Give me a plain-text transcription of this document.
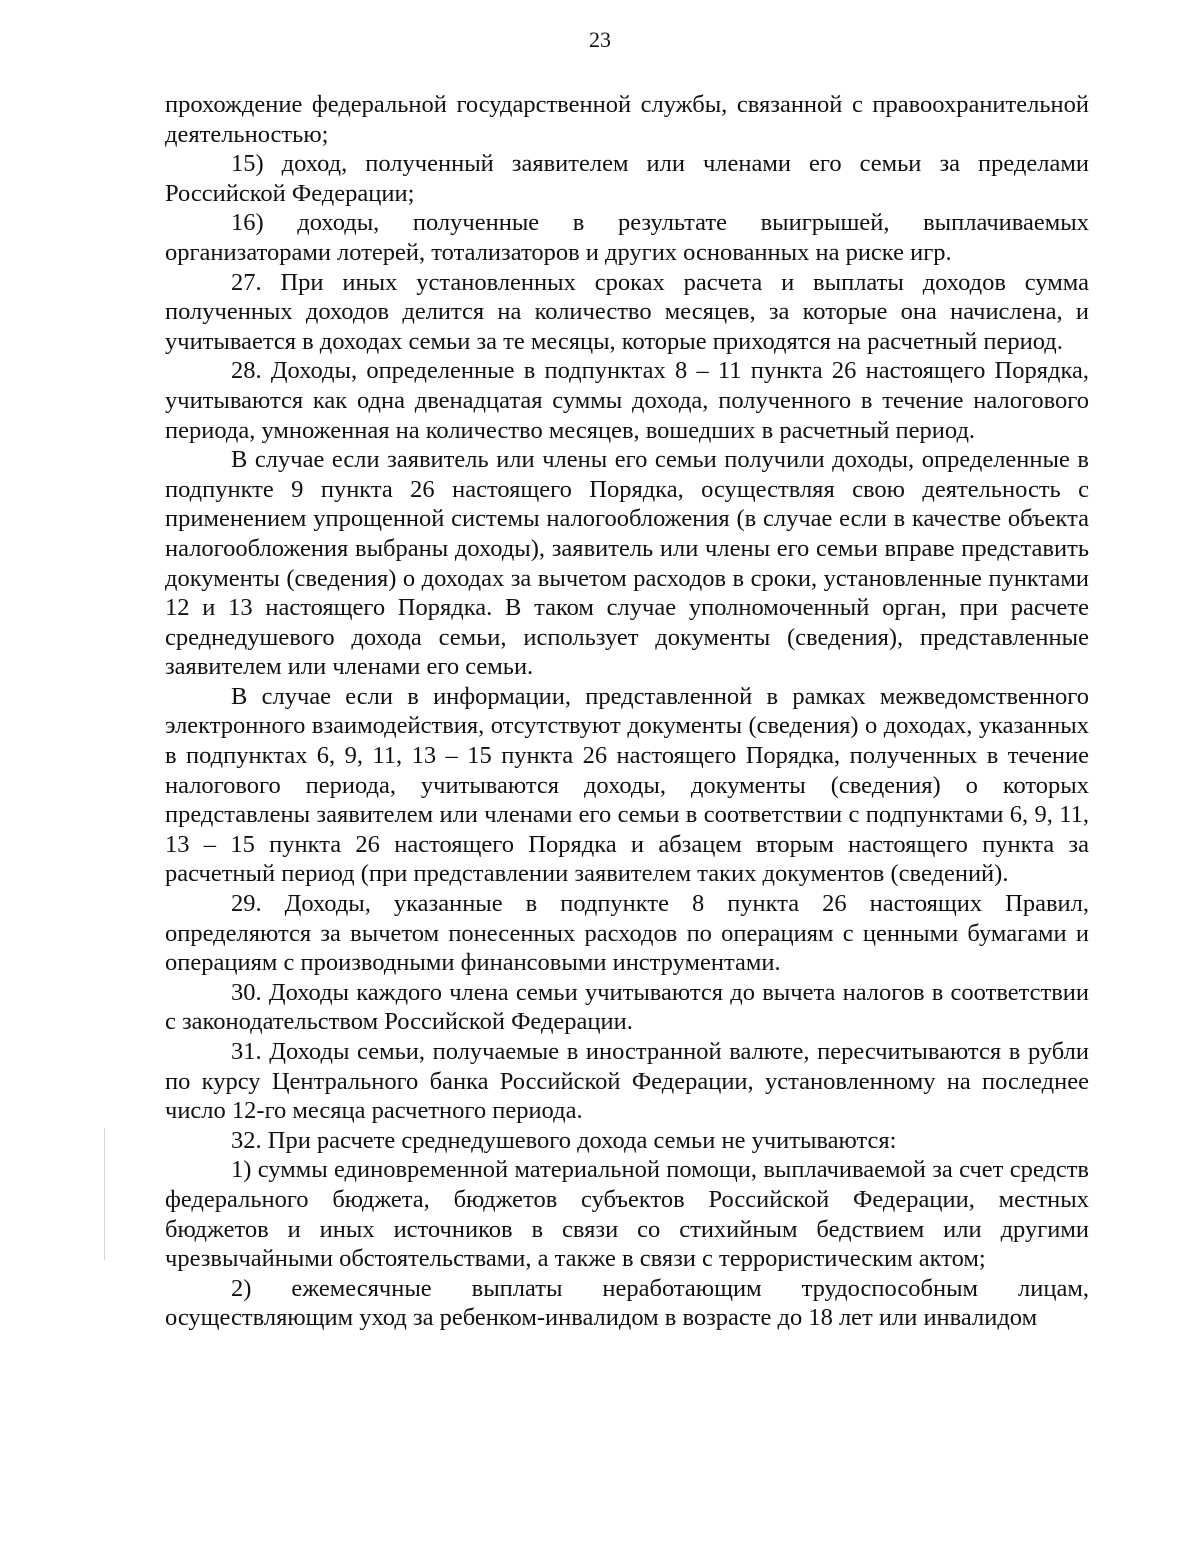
23

прохождение федеральной государственной службы, связанной с правоохранительной деятельностью;

15) доход, полученный заявителем или членами его семьи за пределами Российской Федерации;

16) доходы, полученные в результате выигрышей, выплачиваемых организаторами лотерей, тотализаторов и других основанных на риске игр.

27. При иных установленных сроках расчета и выплаты доходов сумма полученных доходов делится на количество месяцев, за которые она начислена, и учитывается в доходах семьи за те месяцы, которые приходятся на расчетный период.

28. Доходы, определенные в подпунктах 8 – 11 пункта 26 настоящего Порядка, учитываются как одна двенадцатая суммы дохода, полученного в течение налогового периода, умноженная на количество месяцев, вошедших в расчетный период.

В случае если заявитель или члены его семьи получили доходы, определенные в подпункте 9 пункта 26 настоящего Порядка, осуществляя свою деятельность с применением упрощенной системы налогообложения (в случае если в качестве объекта налогообложения выбраны доходы), заявитель или члены его семьи вправе представить документы (сведения) о доходах за вычетом расходов в сроки, установленные пунктами 12 и 13 настоящего Порядка. В таком случае уполномоченный орган, при расчете среднедушевого дохода семьи, использует документы (сведения), представленные заявителем или членами его семьи.

В случае если в информации, представленной в рамках межведомственного электронного взаимодействия, отсутствуют документы (сведения) о доходах, указанных в подпунктах 6, 9, 11, 13 – 15 пункта 26 настоящего Порядка, полученных в течение налогового периода, учитываются доходы, документы (сведения) о которых представлены заявителем или членами его семьи в соответствии с подпунктами 6, 9, 11, 13 – 15 пункта 26 настоящего Порядка и абзацем вторым настоящего пункта за расчетный период (при представлении заявителем таких документов (сведений).

29. Доходы, указанные в подпункте 8 пункта 26 настоящих Правил, определяются за вычетом понесенных расходов по операциям с ценными бумагами и операциям с производными финансовыми инструментами.

30. Доходы каждого члена семьи учитываются до вычета налогов в соответствии с законодательством Российской Федерации.

31. Доходы семьи, получаемые в иностранной валюте, пересчитываются в рубли по курсу Центрального банка Российской Федерации, установленному на последнее число 12-го месяца расчетного периода.

32. При расчете среднедушевого дохода семьи не учитываются:

1) суммы единовременной материальной помощи, выплачиваемой за счет средств федерального бюджета, бюджетов субъектов Российской Федерации, местных бюджетов и иных источников в связи со стихийным бедствием или другими чрезвычайными обстоятельствами, а также в связи с террористическим актом;

2) ежемесячные выплаты неработающим трудоспособным лицам, осуществляющим уход за ребенком-инвалидом в возрасте до 18 лет или инвалидом
